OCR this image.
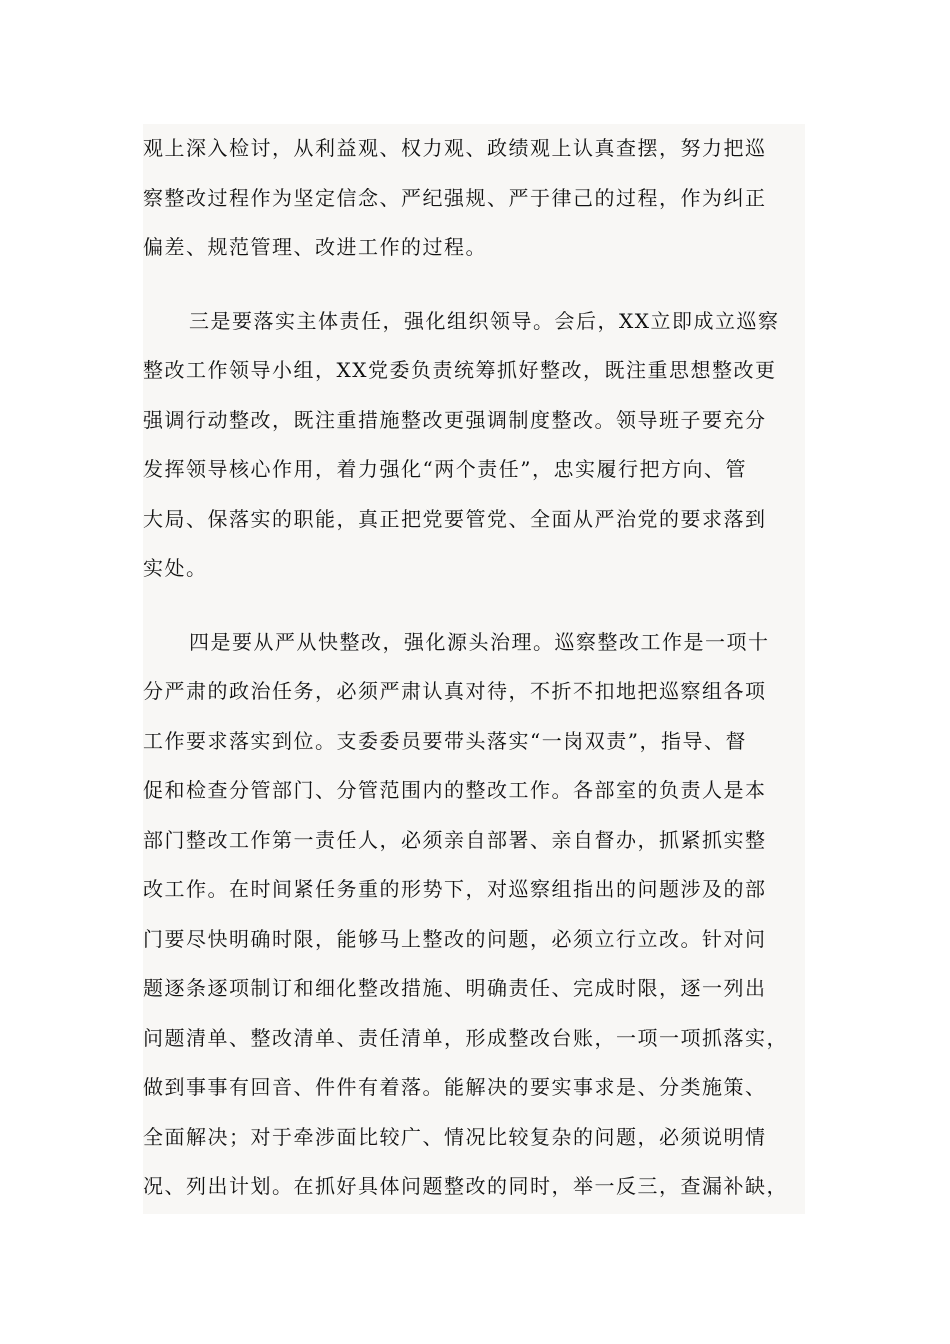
观上深入检讨，从利益观、权力观、政绩观上认真查摆，努力把巡
察整改过程作为坚定信念、严纪强规、严于律己的过程，作为纠正
偏差、规范管理、改进工作的过程。
三是要落实主体责任，强化组织领导。会后，XX立即成立巡察
整改工作领导小组，XX党委负责统筹抓好整改，既注重思想整改更
强调行动整改，既注重措施整改更强调制度整改。领导班子要充分
发挥领导核心作用，着力强化“两个责任”，忠实履行把方向、管
大局、保落实的职能，真正把党要管党、全面从严治党的要求落到
实处。
四是要从严从快整改，强化源头治理。巡察整改工作是一项十
分严肃的政治任务，必须严肃认真对待，不折不扣地把巡察组各项
工作要求落实到位。支委委员要带头落实“一岗双责”，指导、督
促和检查分管部门、分管范围内的整改工作。各部室的负责人是本
部门整改工作第一责任人，必须亲自部署、亲自督办，抓紧抓实整
改工作。在时间紧任务重的形势下，对巡察组指出的问题涉及的部
门要尽快明确时限，能够马上整改的问题，必须立行立改。针对问
题逐条逐项制订和细化整改措施、明确责任、完成时限，逐一列出
问题清单、整改清单、责任清单，形成整改台账，一项一项抓落实，
做到事事有回音、件件有着落。能解决的要实事求是、分类施策、
全面解决；对于牵涉面比较广、情况比较复杂的问题，必须说明情
况、列出计划。在抓好具体问题整改的同时，举一反三，查漏补缺，
